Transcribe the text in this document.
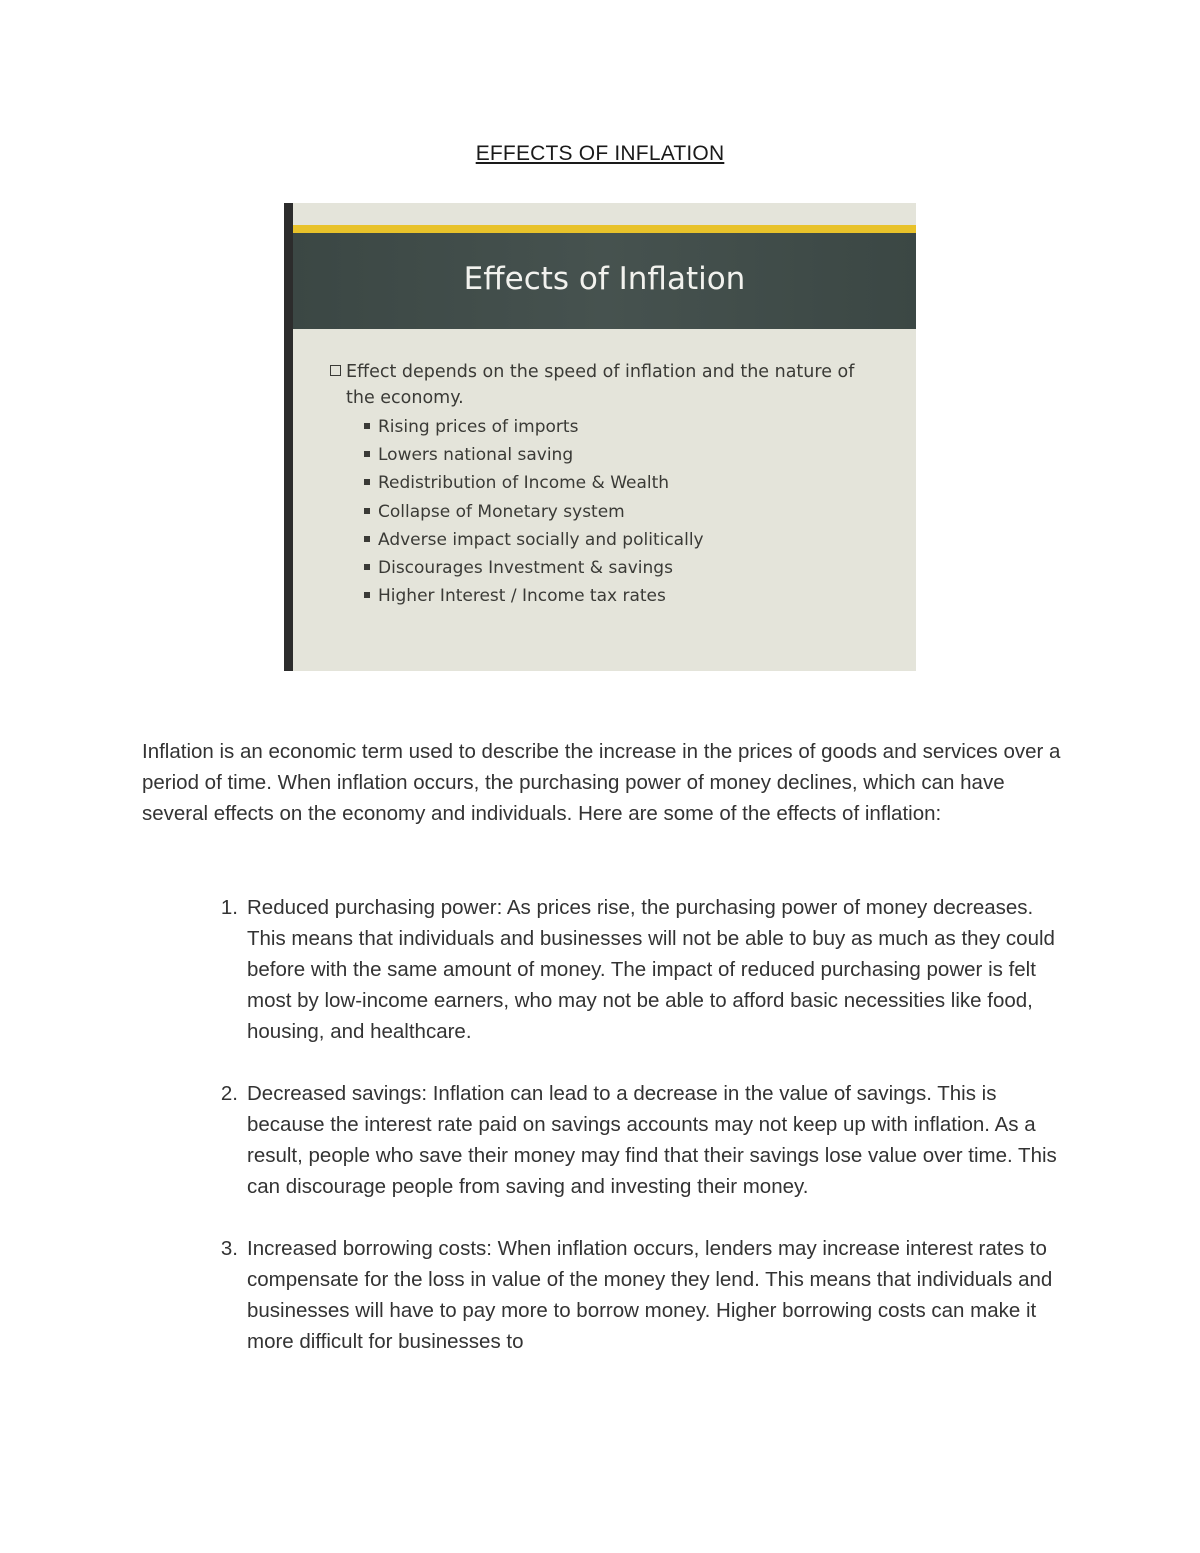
EFFECTS OF INFLATION
Effects of Inflation
Effect depends on the speed of inflation and the nature of the economy.
Rising prices of imports
Lowers national saving
Redistribution of Income & Wealth
Collapse of Monetary system
Adverse impact socially and politically
Discourages Investment & savings
Higher Interest / Income tax rates

Inflation is an economic term used to describe the increase in the prices of goods and services over a period of time. When inflation occurs, the purchasing power of money declines, which can have several effects on the economy and individuals. Here are some of the effects of inflation:

1. Reduced purchasing power: As prices rise, the purchasing power of money decreases. This means that individuals and businesses will not be able to buy as much as they could before with the same amount of money. The impact of reduced purchasing power is felt most by low-income earners, who may not be able to afford basic necessities like food, housing, and healthcare.
2. Decreased savings: Inflation can lead to a decrease in the value of savings. This is because the interest rate paid on savings accounts may not keep up with inflation. As a result, people who save their money may find that their savings lose value over time. This can discourage people from saving and investing their money.
3. Increased borrowing costs: When inflation occurs, lenders may increase interest rates to compensate for the loss in value of the money they lend. This means that individuals and businesses will have to pay more to borrow money. Higher borrowing costs can make it more difficult for businesses to
